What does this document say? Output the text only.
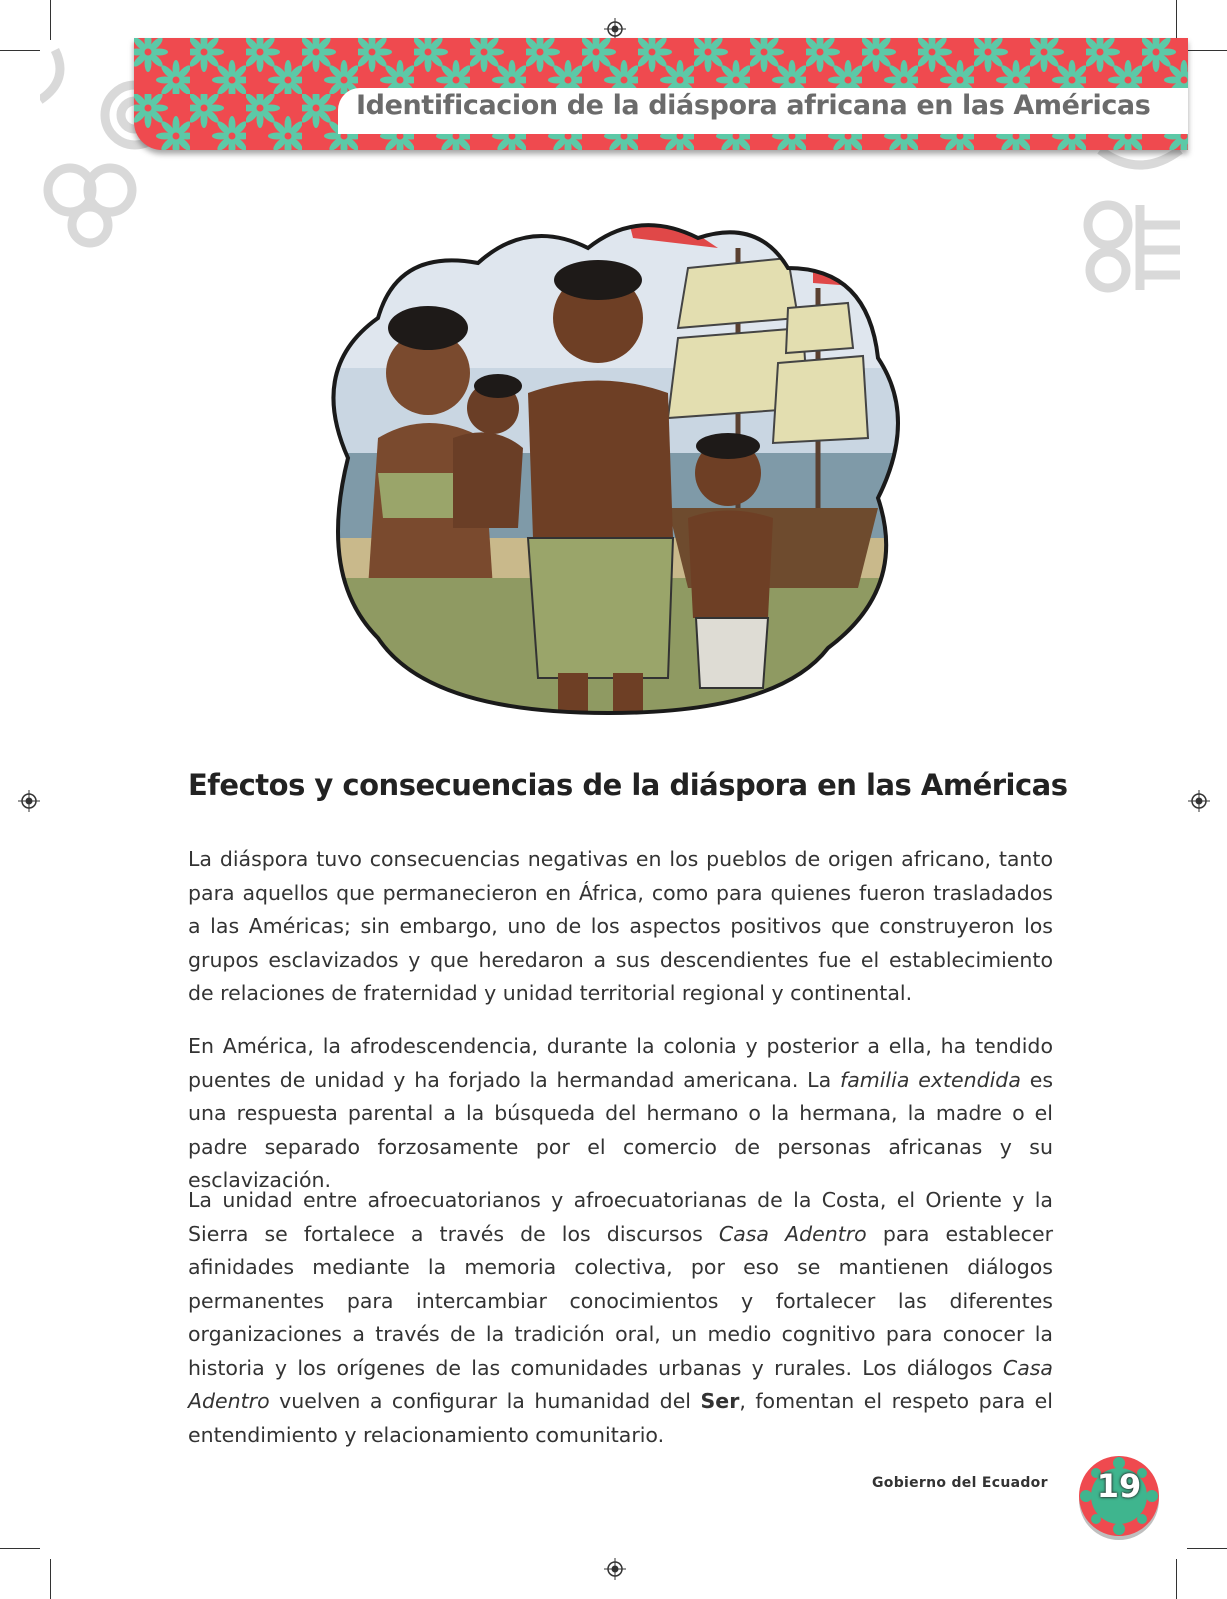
Identificacion de la diáspora africana en las Américas
Efectos y consecuencias de la diáspora en las Américas

La diáspora tuvo consecuencias negativas en los pueblos de origen africano, tanto para aquellos que permanecieron en África, como para quienes fueron trasladados a las Américas; sin embargo, uno de los aspectos positivos que construyeron los grupos esclavizados y que heredaron a sus descendientes fue el establecimiento de relaciones de fraternidad y unidad territorial regional y continental.

En América, la afrodescendencia, durante la colonia y posterior a ella, ha tendido puentes de unidad y ha forjado la hermandad americana. La familia extendida es una respuesta parental a la búsqueda del hermano o la hermana, la madre o el padre separado forzosamente por el comercio de personas africanas y su esclavización.

La unidad entre afroecuatorianos y afroecuatorianas de la Costa, el Oriente y la Sierra se fortalece a través de los discursos Casa Adentro para establecer afinidades mediante la memoria colectiva, por eso se mantienen diálogos permanentes para intercambiar conocimientos y fortalecer las diferentes organizaciones a través de la tradición oral, un medio cognitivo para conocer la historia y los orígenes de las comunidades urbanas y rurales. Los diálogos Casa Adentro vuelven a configurar la humanidad del Ser, fomentan el respeto para el entendimiento y relacionamiento comunitario.

Gobierno del Ecuador	19
